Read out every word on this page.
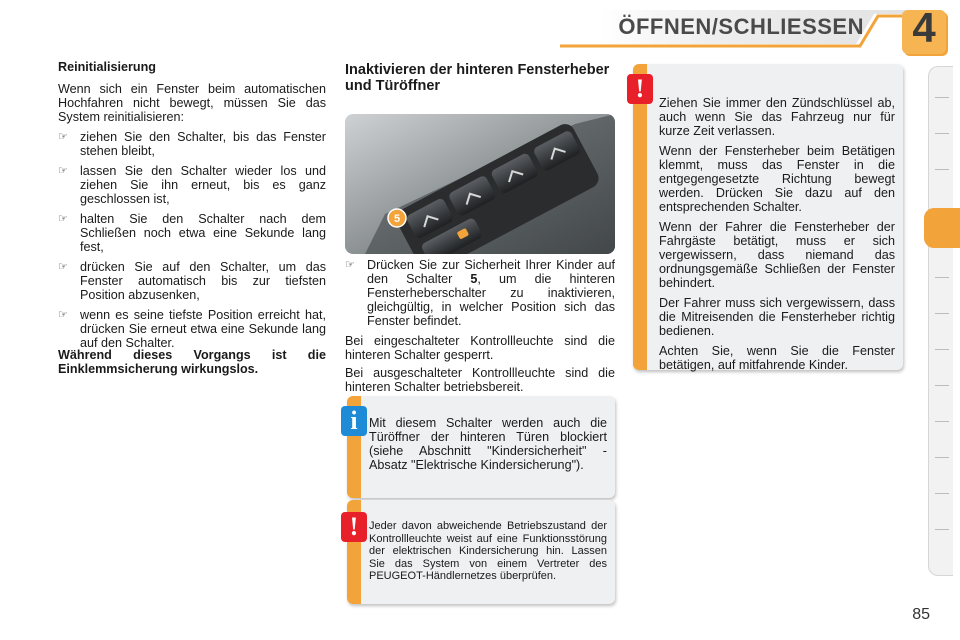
ÖFFNEN/SCHLIESSEN 4
Reinitialisierung

Wenn sich ein Fenster beim automatischen Hochfahren nicht bewegt, müssen Sie das System reinitialisieren:

☞ ziehen Sie den Schalter, bis das Fenster stehen bleibt,
☞ lassen Sie den Schalter wieder los und ziehen Sie ihn erneut, bis es ganz geschlossen ist,
☞ halten Sie den Schalter nach dem Schließen noch etwa eine Sekunde lang fest,
☞ drücken Sie auf den Schalter, um das Fenster automatisch bis zur tiefsten Position abzusenken,
☞ wenn es seine tiefste Position erreicht hat, drücken Sie erneut etwa eine Sekunde lang auf den Schalter.
Während dieses Vorgangs ist die Einklemmsicherung wirkungslos.
Inaktivieren der hinteren Fensterheber und Türöffner
5
☞ Drücken Sie zur Sicherheit Ihrer Kinder auf den Schalter 5, um die hinteren Fensterheberschalter zu inaktivieren, gleichgültig, in welcher Position sich das Fenster befindet.

Bei eingeschalteter Kontrollleuchte sind die hinteren Schalter gesperrt.

Bei ausgeschalteter Kontrollleuchte sind die hinteren Schalter betriebsbereit.

i Mit diesem Schalter werden auch die Türöffner der hinteren Türen blockiert (siehe Abschnitt "Kindersicherheit" - Absatz "Elektrische Kindersicherung").
! Jeder davon abweichende Betriebszustand der Kontrollleuchte weist auf eine Funktionsstörung der elektrischen Kindersicherung hin. Lassen Sie das System von einem Vertreter des PEUGEOT-Händlernetzes überprüfen.
!	Ziehen Sie immer den Zündschlüssel ab, auch wenn Sie das Fahrzeug nur für kurze Zeit verlassen.

Wenn der Fensterheber beim Betätigen klemmt, muss das Fenster in die entgegengesetzte Richtung bewegt werden. Drücken Sie dazu auf den entsprechenden Schalter.

Wenn der Fahrer die Fensterheber der Fahrgäste betätigt, muss er sich vergewissern, dass niemand das ordnungsgemäße Schließen der Fenster behindert.

Der Fahrer muss sich vergewissern, dass die Mitreisenden die Fensterheber richtig bedienen.

Achten Sie, wenn Sie die Fenster betätigen, auf mitfahrende Kinder.

85
